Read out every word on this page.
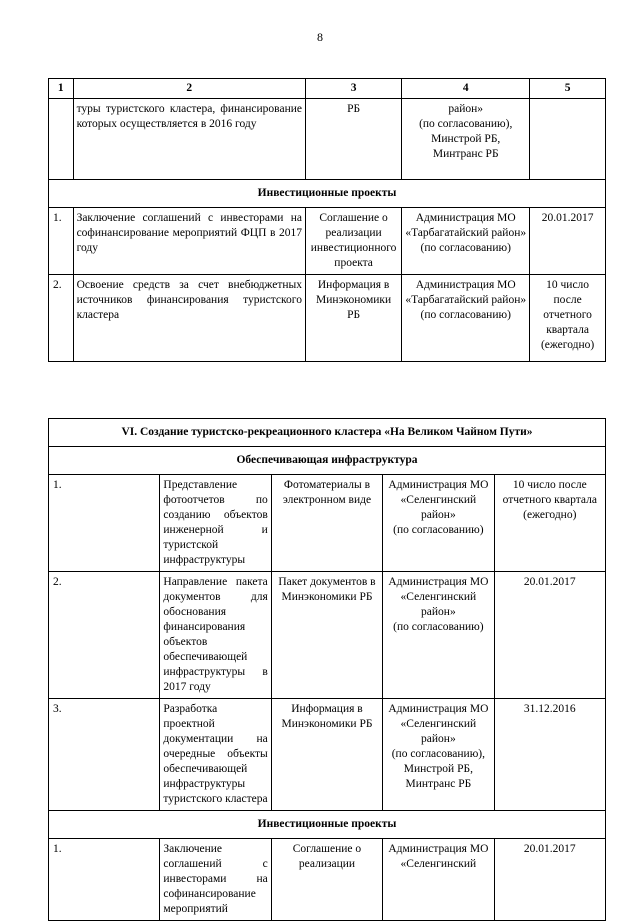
8
1	2	3	4	5
	туры туристского кластера, финансирование которых осуществляется в 2016 году	РБ	район»
(по согласованию),
Минстрой РБ,
Минтранс РБ	
Инвестиционные проекты				
1.	Заключение соглашений с инвесторами на софинансирование мероприятий ФЦП в 2017 году	Соглашение о реализации инвестиционного проекта	Администрация МО «Тарбагатайский район»
(по согласованию)	20.01.2017
2.	Освоение средств за счет внебюджетных источников финансирования туристского кластера	Информация в Минэкономики РБ	Администрация МО «Тарбагатайский район»
(по согласованию)	10 число после отчетного квартала (ежегодно)
VI. Создание туристско-рекреационного кластера «На Великом Чайном Пути»				
Обеспечивающая инфраструктура				
1.	Представление фотоотчетов по созданию объектов инженерной и туристской инфраструктуры	Фотоматериалы в электронном виде	Администрация МО «Селенгинский район»
(по согласованию)	10 число после отчетного квартала (ежегодно)
2.	Направление пакета документов для обоснования финансирования объектов обеспечивающей инфраструктуры в 2017 году	Пакет документов в Минэкономики РБ	Администрация МО «Селенгинский район»
(по согласованию)	20.01.2017
3.	Разработка проектной документации на очередные объекты обеспечивающей инфраструктуры туристского кластера	Информация в Минэкономики РБ	Администрация МО «Селенгинский район»
(по согласованию),
Минстрой РБ,
Минтранс РБ	31.12.2016
Инвестиционные проекты				
1.	Заключение соглашений с инвесторами на софинансирование мероприятий	Соглашение о реализации	Администрация МО «Селенгинский	20.01.2017
